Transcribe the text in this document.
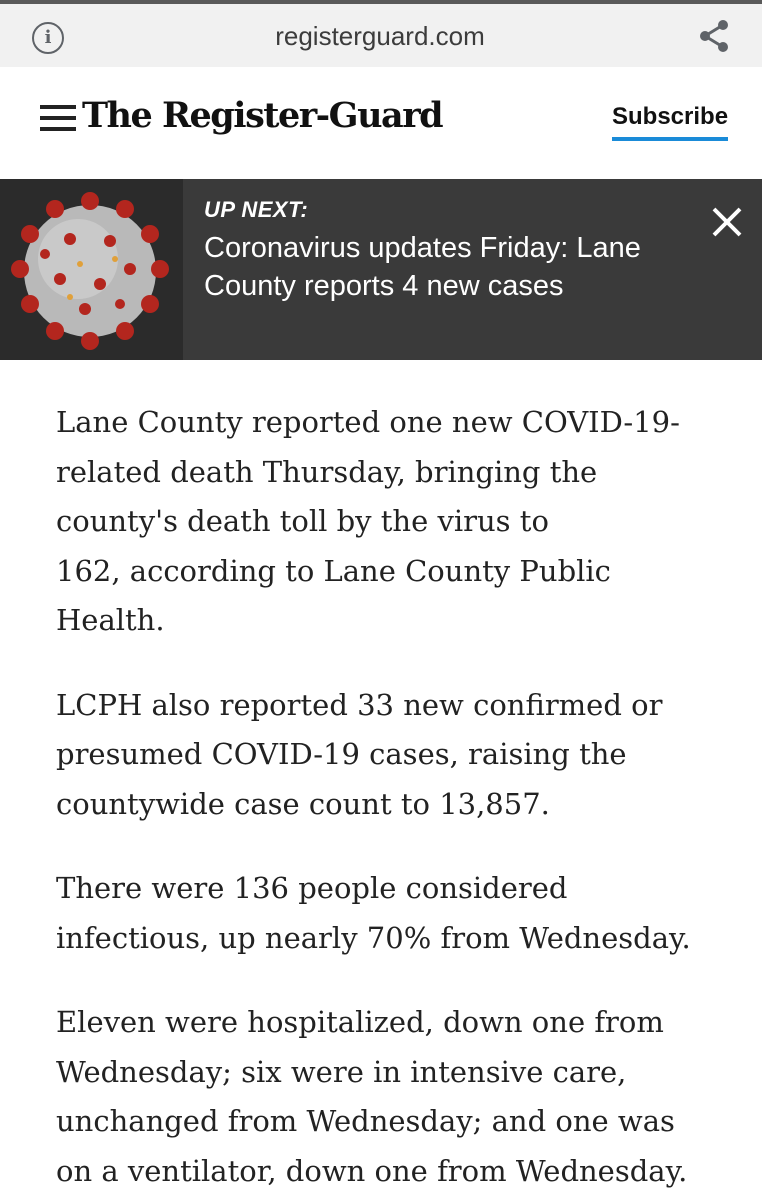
i	registerguard.com
The Register-Guard	Subscribe
UP NEXT:
Coronavirus updates Friday: Lane
County reports 4 new cases

Lane County reported one new COVID-19-
related death Thursday, bringing the
county's death toll by the virus to
162, according to Lane County Public
Health.

LCPH also reported 33 new confirmed or
presumed COVID-19 cases, raising the
countywide case count to 13,857.

There were 136 people considered
infectious, up nearly 70% from Wednesday.

Eleven were hospitalized, down one from
Wednesday; six were in intensive care,
unchanged from Wednesday; and one was
on a ventilator, down one from Wednesday.
